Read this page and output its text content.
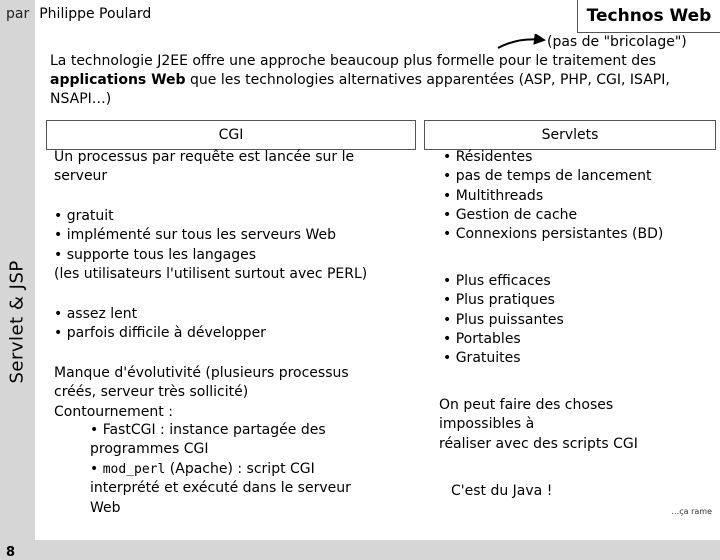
Servlet & JSP
8
par Philippe Poulard	Technos Web
(pas de "bricolage")
La technologie J2EE offre une approche beaucoup plus formelle pour le traitement des applications Web que les technologies alternatives apparentées (ASP, PHP, CGI, ISAPI, NSAPI…)
CGI	Servlets
Un processus par requête est lancée sur le
serveur
• gratuit
• implémenté sur tous les serveurs Web
• supporte tous les langages
(les utilisateurs l'utilisent surtout avec PERL)
• assez lent
• parfois difficile à développer
Manque d'évolutivité (plusieurs processus
créés, serveur très sollicité)
Contournement :
• FastCGI : instance partagée des
programmes CGI
• mod_perl (Apache) : script CGI
interprété et exécuté dans le serveur
Web
• Résidentes
• pas de temps de lancement
• Multithreads
• Gestion de cache
• Connexions persistantes (BD)
• Plus efficaces
• Plus pratiques
• Plus puissantes
• Portables
• Gratuites
On peut faire des choses
impossibles à
réaliser avec des scripts CGI
C'est du Java !
…ça rame
